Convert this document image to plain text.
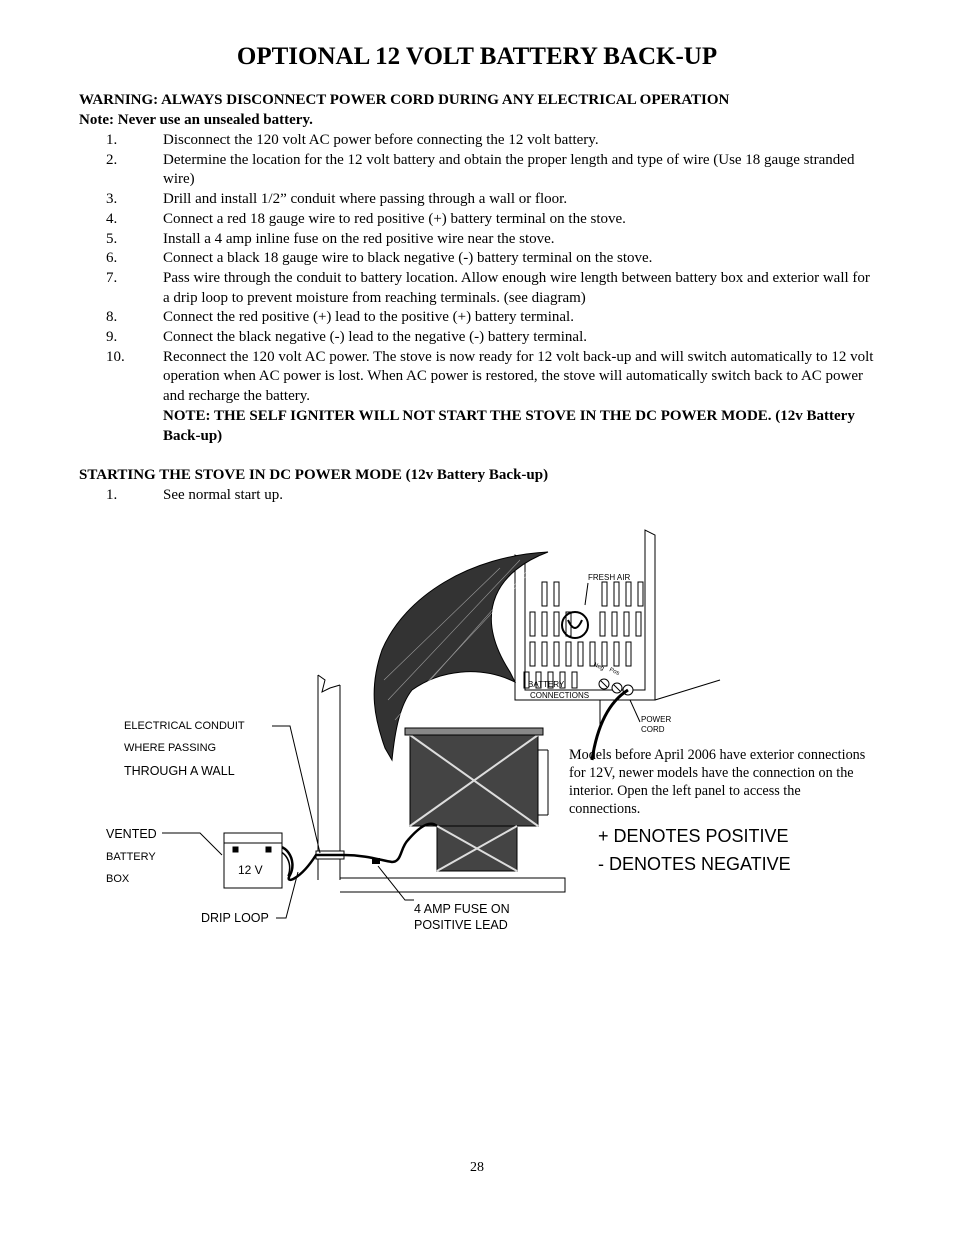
OPTIONAL 12 VOLT BATTERY BACK-UP
WARNING: ALWAYS DISCONNECT POWER CORD DURING ANY ELECTRICAL OPERATION
Note: Never use an unsealed battery.
1.	Disconnect the 120 volt AC power before connecting the 12 volt battery.
2.	Determine the location for the 12 volt battery and obtain the proper length and type of wire (Use 18 gauge stranded wire)
3.	Drill and install 1/2” conduit where passing through a wall or floor.
4.	Connect a red 18 gauge wire to red positive (+) battery terminal on the stove.
5.	Install a 4 amp inline fuse on the red positive wire near the stove.
6.	Connect a black 18 gauge wire to black negative (-) battery terminal on the stove.
7.	Pass wire through the conduit to battery location. Allow enough wire length between battery box and exterior wall for a drip loop to prevent moisture from reaching terminals. (see diagram)
8.	Connect the red positive (+) lead to the positive (+) battery terminal.
9.	Connect the black negative (-) lead to the negative (-) battery terminal.
10.	Reconnect the 120 volt AC power. The stove is now ready for 12 volt back-up and will switch automatically to 12 volt operation when AC power is lost. When AC power is restored, the stove will automatically switch back to AC power and recharge the battery.
NOTE: THE SELF IGNITER WILL NOT START THE STOVE IN THE DC POWER MODE. (12v Battery Back-up)
STARTING THE STOVE IN DC POWER MODE (12v Battery Back-up)
1.	See normal start up.
FRESH AIR
BATTERY
CONNECTIONS
Neg Pos
POWER
CORD
ELECTRICAL CONDUIT
WHERE PASSING
THROUGH A WALL
VENTED
BATTERY
BOX
12 V
DRIP LOOP
4 AMP FUSE ON
POSITIVE LEAD
Models before April 2006 have exterior connections for 12V, newer models have the connection on the interior. Open the left panel to access the connections.
+ DENOTES POSITIVE
- DENOTES NEGATIVE
28
